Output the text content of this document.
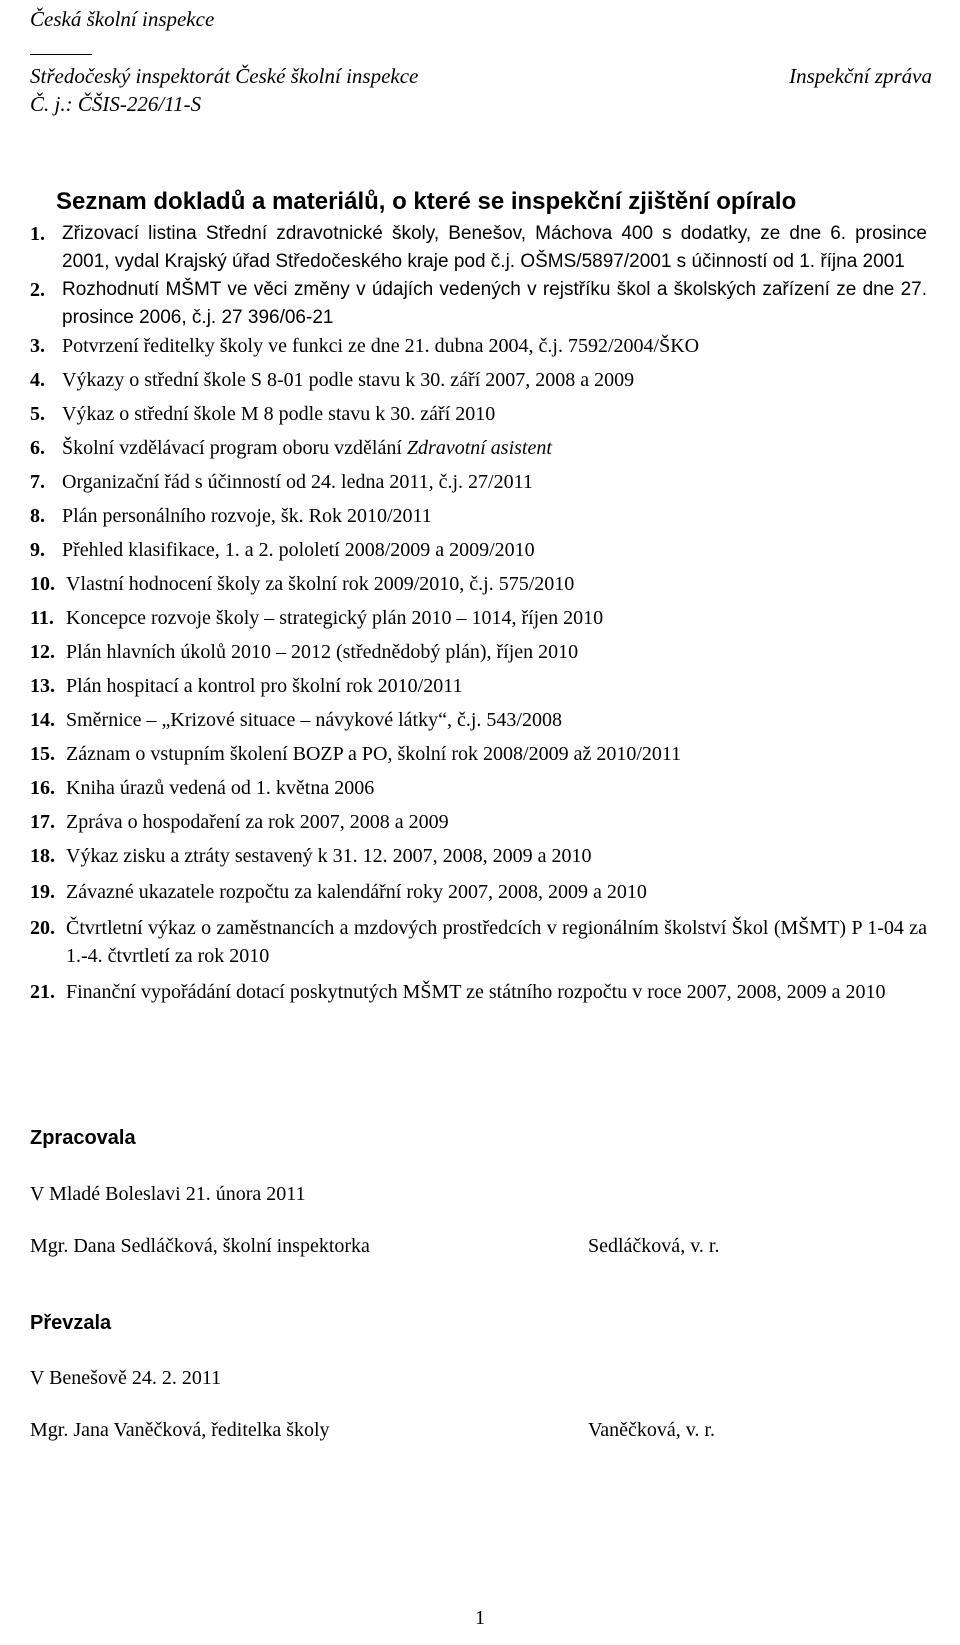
Česká školní inspekce
Středočeský inspektorát České školní inspekce
Č. j.: ČŠIS-226/11-S
Inspekční zpráva
Seznam dokladů a materiálů, o které se inspekční zjištění opíralo
1. Zřizovací listina Střední zdravotnické školy, Benešov, Máchova 400 s dodatky, ze dne 6. prosince 2001, vydal Krajský úřad Středočeského kraje pod č.j. OŠMS/5897/2001 s účinností od 1. října 2001
2. Rozhodnutí MŠMT ve věci změny v údajích vedených v rejstříku škol a školských zařízení ze dne 27. prosince 2006, č.j. 27 396/06-21
3. Potvrzení ředitelky školy ve funkci ze dne 21. dubna 2004, č.j. 7592/2004/ŠKO
4. Výkazy o střední škole S 8-01 podle stavu k 30. září 2007, 2008 a 2009
5. Výkaz o střední škole M 8 podle stavu k 30. září 2010
6. Školní vzdělávací program oboru vzdělání Zdravotní asistent
7. Organizační řád s účinností od 24. ledna 2011, č.j. 27/2011
8. Plán personálního rozvoje, šk. Rok 2010/2011
9. Přehled klasifikace, 1. a 2. pololetí 2008/2009 a 2009/2010
10. Vlastní hodnocení školy za školní rok 2009/2010, č.j. 575/2010
11. Koncepce rozvoje školy – strategický plán 2010 – 1014, říjen 2010
12. Plán hlavních úkolů 2010 – 2012 (střednědobý plán), říjen 2010
13. Plán hospitací a kontrol pro školní rok 2010/2011
14. Směrnice – „Krizové situace – návykové látky“, č.j. 543/2008
15. Záznam o vstupním školení BOZP a PO, školní rok 2008/2009 až 2010/2011
16. Kniha úrazů vedená od 1. května 2006
17. Zpráva o hospodaření za rok 2007, 2008 a 2009
18. Výkaz zisku a ztráty sestavený k 31. 12. 2007, 2008, 2009 a 2010
19. Závazné ukazatele rozpočtu za kalendářní roky 2007, 2008, 2009 a 2010
20. Čtvrtletní výkaz o zaměstnancích a mzdových prostředcích v regionálním školství Škol (MŠMT) P 1-04 za 1.-4. čtvrtletí za rok 2010
21. Finanční vypořádání dotací poskytnutých MŠMT ze státního rozpočtu v roce 2007, 2008, 2009 a 2010
Zpracovala
V Mladé Boleslavi 21. února 2011
Mgr. Dana Sedláčková, školní inspektorka	Sedláčková, v. r.
Převzala
V Benešově 24. 2. 2011
Mgr. Jana Vaněčková, ředitelka školy	Vaněčková, v. r.
1
